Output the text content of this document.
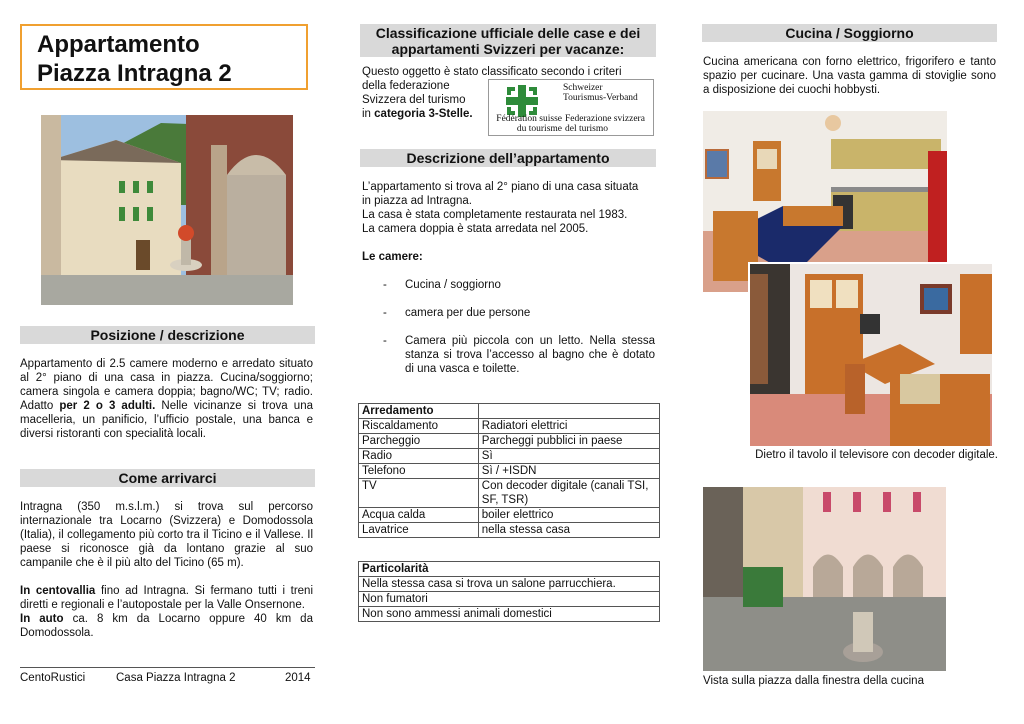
Appartamento
Piazza Intragna 2
Posizione / descrizione
Appartamento di 2.5 camere moderno e arredato situato al 2° piano di una casa in piazza. Cucina/soggiorno; camera singola e camera doppia; bagno/WC; TV; radio. Adatto per 2 o 3 adulti. Nelle vicinanze si trova una macelleria, un panificio, l’ufficio postale, una banca e diversi ristoranti con specialità locali.
Come arrivarci
Intragna (350 m.s.l.m.) si trova sul percorso internazionale tra Locarno (Svizzera) e Domodossola (Italia), il collegamento più corto tra il Ticino e il Vallese. Il paese si riconosce già da lontano grazie al suo campanile che è il più alto del Ticino (65 m).
In centovallia fino ad Intragna. Si fermano tutti i treni diretti e regionali e l’autopostale per la Valle Onsernone.
In auto ca. 8 km da Locarno oppure 40 km da Domodossola.
CentoRustici	Casa Piazza Intragna 2	2014
Classificazione ufficiale delle case e dei
appartamenti Svizzeri per vacanze:
Questo oggetto è stato classificato secondo i criteri
della federazione
Svizzera del turismo
in categoria 3-Stelle.
Schweizer
Tourismus-Verband
Fédération suisse
du tourisme
Federazione svizzera
del turismo
Descrizione dell’appartamento
L’appartamento si trova al 2° piano di una casa situata
in piazza ad Intragna.
La casa è stata completamente restaurata nel 1983.
La camera doppia è stata arredata nel 2005.
Le camere:
- Cucina / soggiorno
- camera per due persone
- Camera più piccola con un letto. Nella stessa stanza si trova l’accesso al bagno che è dotato di una vasca e toilette.
Arredamento	
Riscaldamento	Radiatori elettrici
Parcheggio	Parcheggi pubblici in paese
Radio	Sì
Telefono	Sì / +ISDN
TV	Con decoder digitale (canali TSI, SF, TSR)
Acqua calda	boiler elettrico
Lavatrice	nella stessa casa
Particolarità
Nella stessa casa si trova un salone parrucchiera.
Non fumatori
Non sono ammessi animali domestici
Cucina / Soggiorno
Cucina americana con forno elettrico, frigorifero e tanto spazio per cucinare. Una vasta gamma di stoviglie sono a disposizione dei cuochi hobbysti.
Dietro il tavolo il televisore con decoder digitale.
Vista sulla piazza dalla finestra della cucina
